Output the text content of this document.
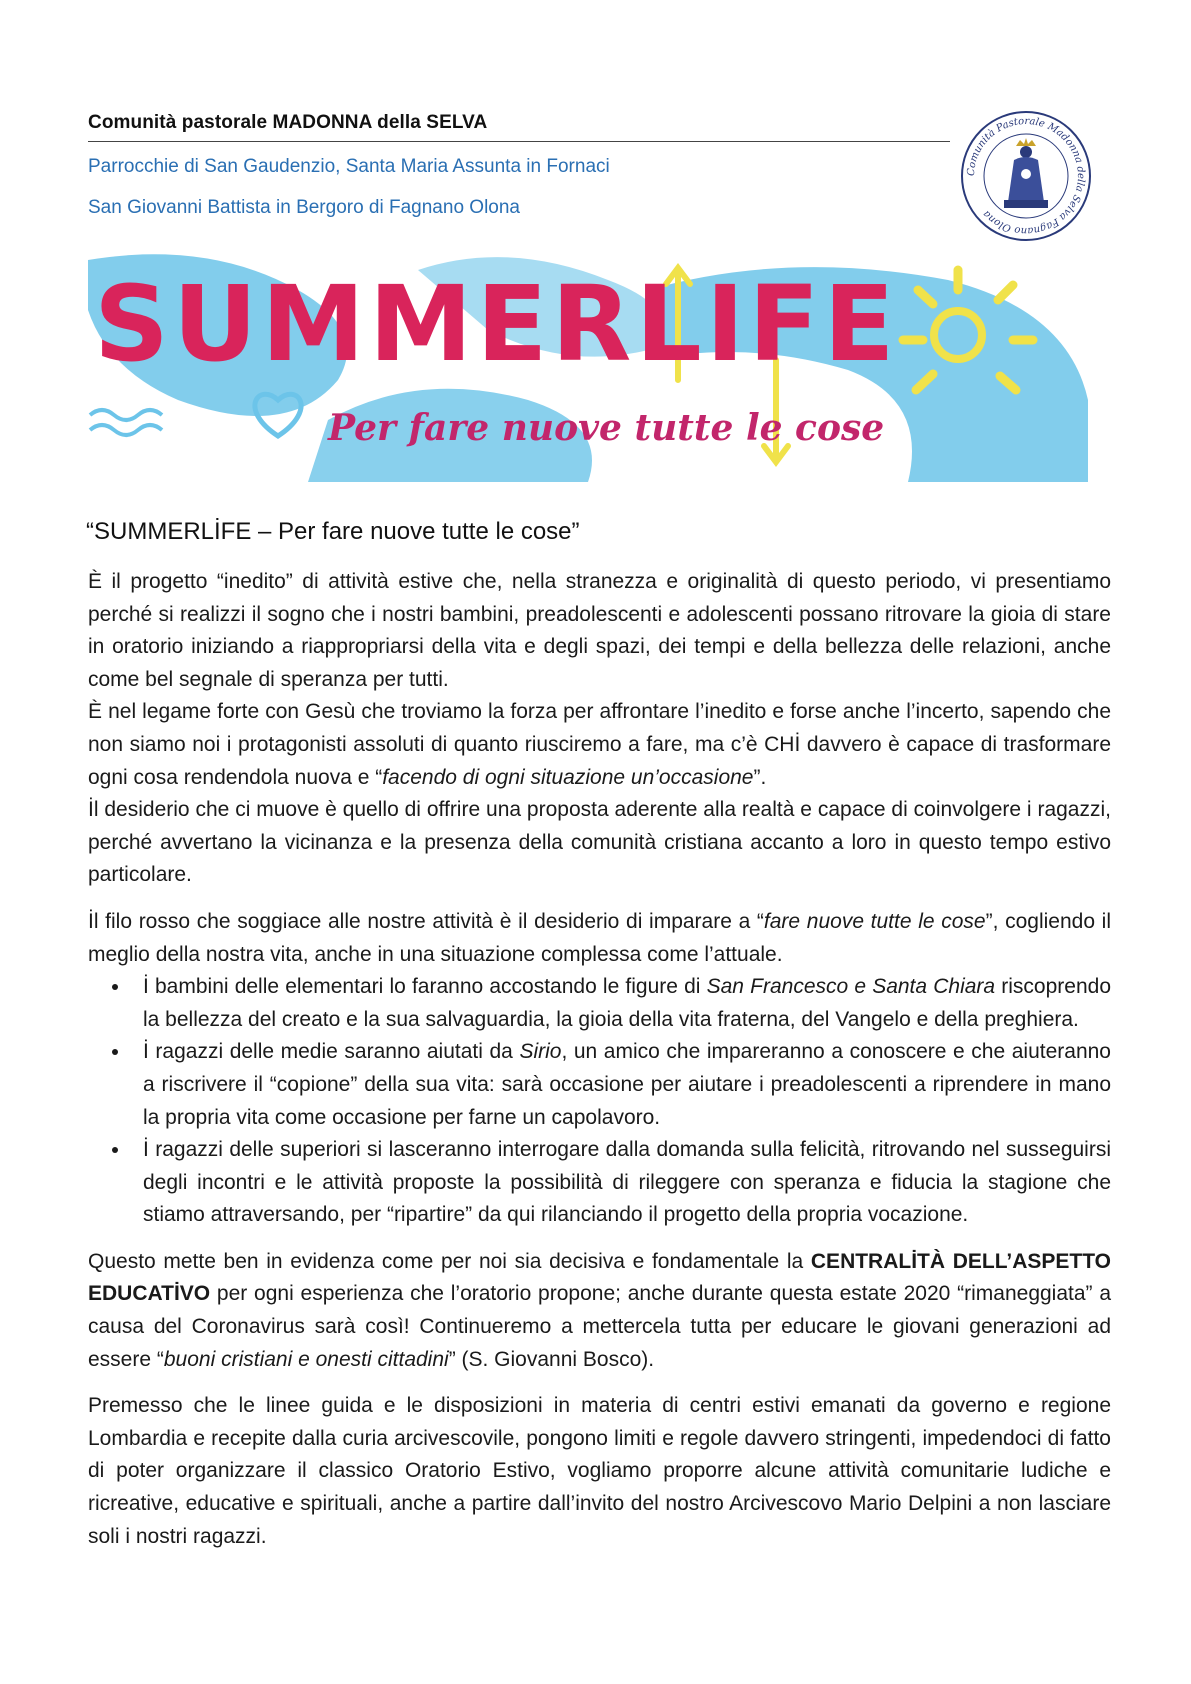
Comunità pastorale MADONNA della SELVA
Parrocchie di San Gaudenzio, Santa Maria Assunta in Fornaci
San Giovanni Battista in Bergoro di Fagnano Olona
Comunità Pastorale Madonna della Selva Fagnano Olona
SUMMERLIFE
Per fare nuove tutte le cose
“SUMMERLİFE – Per fare nuove tutte le cose”

È il progetto “inedito” di attività estive che, nella stranezza e originalità di questo periodo, vi presentiamo perché si realizzi il sogno che i nostri bambini, preadolescenti e adolescenti possano ritrovare la gioia di stare in oratorio iniziando a riappropriarsi della vita e degli spazi, dei tempi e della bellezza delle relazioni, anche come bel segnale di speranza per tutti.

È nel legame forte con Gesù che troviamo la forza per affrontare l’inedito e forse anche l’incerto, sapendo che non siamo noi i protagonisti assoluti di quanto riusciremo a fare, ma c’è CHİ davvero è capace di trasformare ogni cosa rendendola nuova e “facendo di ogni situazione un’occasione”.

İl desiderio che ci muove è quello di offrire una proposta aderente alla realtà e capace di coinvolgere i ragazzi, perché avvertano la vicinanza e la presenza della comunità cristiana accanto a loro in questo tempo estivo particolare.

İl filo rosso che soggiace alle nostre attività è il desiderio di imparare a “fare nuove tutte le cose”, cogliendo il meglio della nostra vita, anche in una situazione complessa come l’attuale.

• İ bambini delle elementari lo faranno accostando le figure di San Francesco e Santa Chiara riscoprendo la bellezza del creato e la sua salvaguardia, la gioia della vita fraterna, del Vangelo e della preghiera.
• İ ragazzi delle medie saranno aiutati da Sirio, un amico che impareranno a conoscere e che aiuteranno a riscrivere il “copione” della sua vita: sarà occasione per aiutare i preadolescenti a riprendere in mano la propria vita come occasione per farne un capolavoro.
• İ ragazzi delle superiori si lasceranno interrogare dalla domanda sulla felicità, ritrovando nel susseguirsi degli incontri e le attività proposte la possibilità di rileggere con speranza e fiducia la stagione che stiamo attraversando, per “ripartire” da qui rilanciando il progetto della propria vocazione.

Questo mette ben in evidenza come per noi sia decisiva e fondamentale la CENTRALİTÀ DELL’ASPETTO EDUCATİVO per ogni esperienza che l’oratorio propone; anche durante questa estate 2020 “rimaneggiata” a causa del Coronavirus sarà così! Continueremo a mettercela tutta per educare le giovani generazioni ad essere “buoni cristiani e onesti cittadini” (S. Giovanni Bosco).

Premesso che le linee guida e le disposizioni in materia di centri estivi emanati da governo e regione Lombardia e recepite dalla curia arcivescovile, pongono limiti e regole davvero stringenti, impedendoci di fatto di poter organizzare il classico Oratorio Estivo, vogliamo proporre alcune attività comunitarie ludiche e ricreative, educative e spirituali, anche a partire dall’invito del nostro Arcivescovo Mario Delpini a non lasciare soli i nostri ragazzi.
